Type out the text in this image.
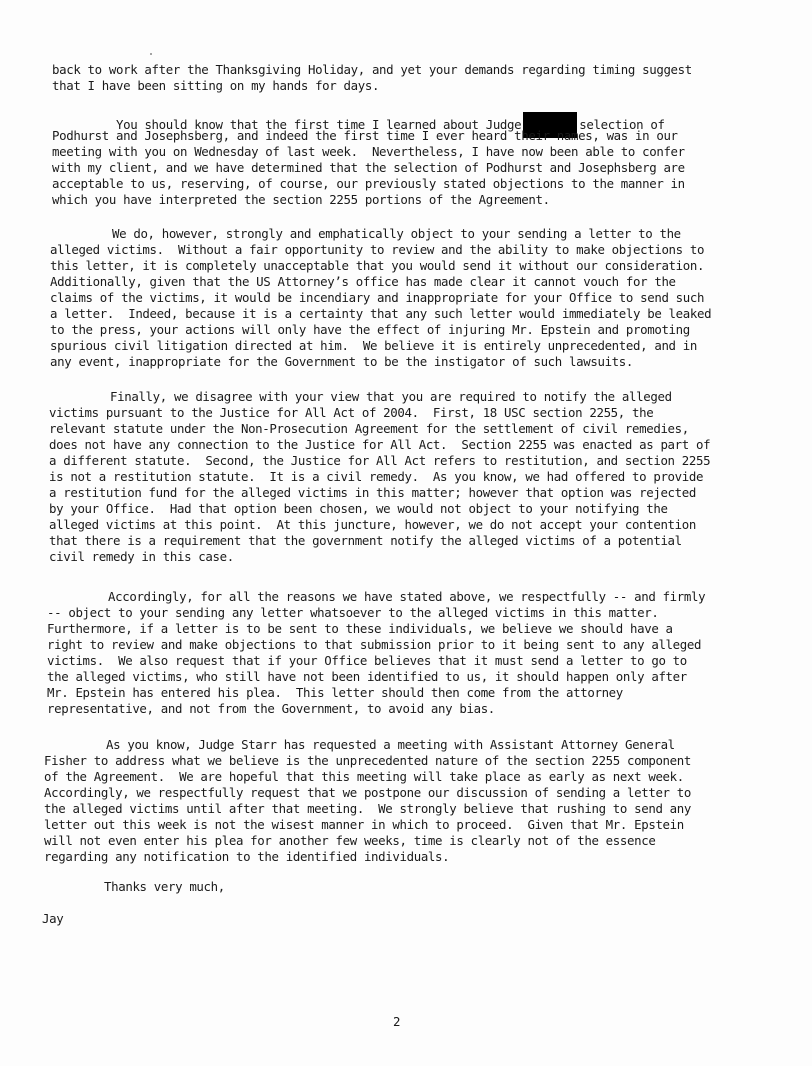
back to work after the Thanksgiving Holiday, and yet your demands regarding timing suggest
that I have been sitting on my hands for days.
You should know that the first time I learned about Judge	selection of
Podhurst and Josephsberg, and indeed the first time I ever heard their names, was in our
meeting with you on Wednesday of last week.  Nevertheless, I have now been able to confer
with my client, and we have determined that the selection of Podhurst and Josephsberg are
acceptable to us, reserving, of course, our previously stated objections to the manner in
which you have interpreted the section 2255 portions of the Agreement.
We do, however, strongly and emphatically object to your sending a letter to the
alleged victims.  Without a fair opportunity to review and the ability to make objections to
this letter, it is completely unacceptable that you would send it without our consideration.
Additionally, given that the US Attorney’s office has made clear it cannot vouch for the
claims of the victims, it would be incendiary and inappropriate for your Office to send such
a letter.  Indeed, because it is a certainty that any such letter would immediately be leaked
to the press, your actions will only have the effect of injuring Mr. Epstein and promoting
spurious civil litigation directed at him.  We believe it is entirely unprecedented, and in
any event, inappropriate for the Government to be the instigator of such lawsuits.
Finally, we disagree with your view that you are required to notify the alleged
victims pursuant to the Justice for All Act of 2004.  First, 18 USC section 2255, the
relevant statute under the Non-Prosecution Agreement for the settlement of civil remedies,
does not have any connection to the Justice for All Act.  Section 2255 was enacted as part of
a different statute.  Second, the Justice for All Act refers to restitution, and section 2255
is not a restitution statute.  It is a civil remedy.  As you know, we had offered to provide
a restitution fund for the alleged victims in this matter; however that option was rejected
by your Office.  Had that option been chosen, we would not object to your notifying the
alleged victims at this point.  At this juncture, however, we do not accept your contention
that there is a requirement that the government notify the alleged victims of a potential
civil remedy in this case.
Accordingly, for all the reasons we have stated above, we respectfully -- and firmly
-- object to your sending any letter whatsoever to the alleged victims in this matter.
Furthermore, if a letter is to be sent to these individuals, we believe we should have a
right to review and make objections to that submission prior to it being sent to any alleged
victims.  We also request that if your Office believes that it must send a letter to go to
the alleged victims, who still have not been identified to us, it should happen only after
Mr. Epstein has entered his plea.  This letter should then come from the attorney
representative, and not from the Government, to avoid any bias.
As you know, Judge Starr has requested a meeting with Assistant Attorney General
Fisher to address what we believe is the unprecedented nature of the section 2255 component
of the Agreement.  We are hopeful that this meeting will take place as early as next week.
Accordingly, we respectfully request that we postpone our discussion of sending a letter to
the alleged victims until after that meeting.  We strongly believe that rushing to send any
letter out this week is not the wisest manner in which to proceed.  Given that Mr. Epstein
will not even enter his plea for another few weeks, time is clearly not of the essence
regarding any notification to the identified individuals.
Thanks very much,
Jay
2
